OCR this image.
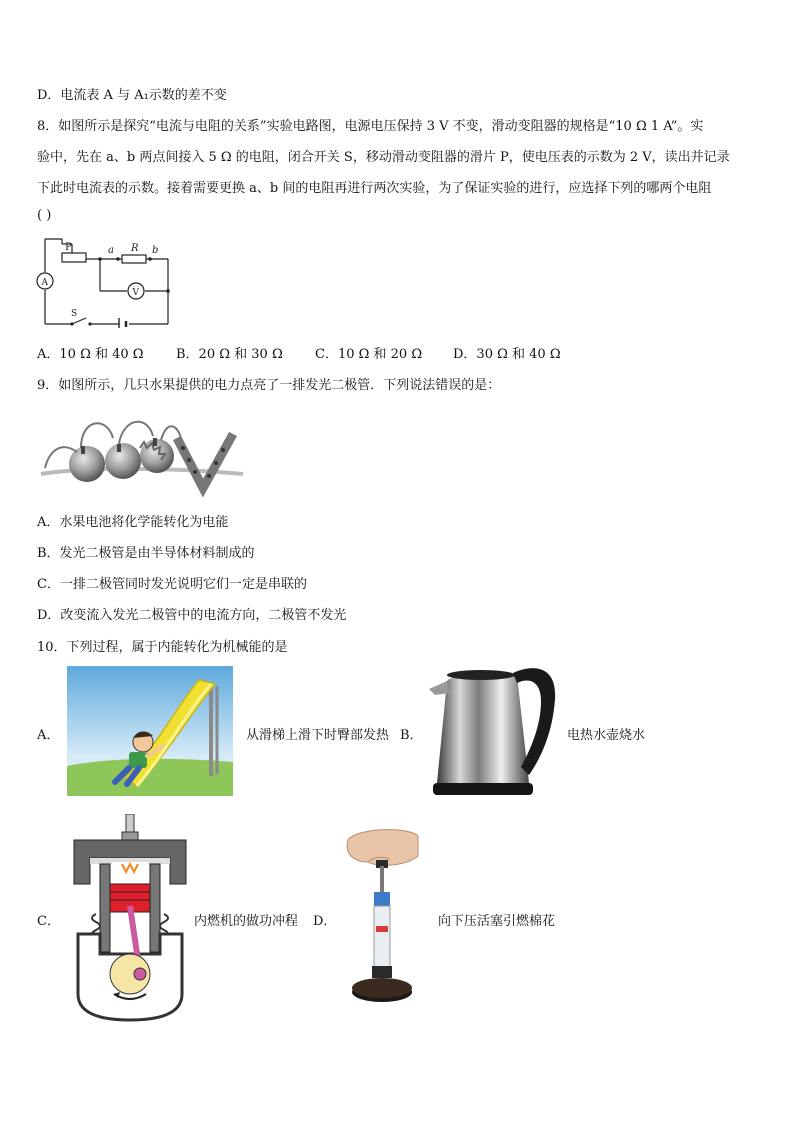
D．电流表 A 与 A₁示数的差不变
8．如图所示是探究“电流与电阻的关系”实验电路图，电源电压保持 3 V 不变，滑动变阻器的规格是“10 Ω 1 A”。实
验中，先在 a、b 两点间接入 5 Ω 的电阻，闭合开关 S，移动滑动变阻器的滑片 P，使电压表的示数为 2 V，读出并记录
下此时电流表的示数。接着需要更换 a、b 间的电阻再进行两次实验，为了保证实验的进行，应选择下列的哪两个电阻
( )
P	a R b
A
V
S
A．10 Ω 和 40 Ω B．20 Ω 和 30 Ω C．10 Ω 和 20 Ω D．30 Ω 和 40 Ω
9．如图所示，几只水果提供的电力点亮了一排发光二极管．下列说法错误的是：
A．水果电池将化学能转化为电能
B．发光二极管是由半导体材料制成的
C．一排二极管同时发光说明它们一定是串联的
D．改变流入发光二极管中的电流方向，二极管不发光
10．下列过程，属于内能转化为机械能的是
A．	从滑梯上滑下时臀部发热 B．	电热水壶烧水
C．	内燃机的做功冲程 D．	向下压活塞引燃棉花
